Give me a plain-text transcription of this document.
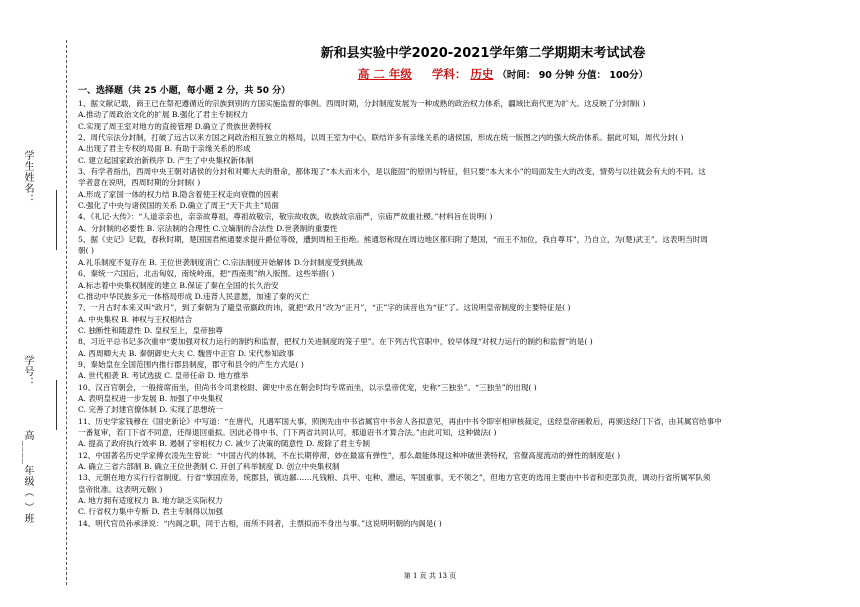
学生姓名：
学号：
高____年级（ ）班
新和县实验中学2020-2021学年第二学期期末考试试卷
高 二 年级 学科： 历史 （时间： 90 分钟 分值： 100分）
一、选择题（共 25 小题，每小题 2 分，共 50 分）
1、据文献记载，商王已在祭祀遵循近的宗族到别的方国实施监督的事例。西周时期，分封制度发展为一种成熟的政治权力体系，疆域比商代更为扩大。这反映了分封制( )
A.推动了周政治文化的扩展 B.强化了君主专制权力
C.实现了周王室对地方的直接管理 D.确立了贵族世袭特权
2、周代宗法分封制，打破了远古以来方国之间政治相互独立的格局，以周王室为中心，联结许多有亲缘关系的诸侯国，形成在统一版图之内的强大统治体系。据此可知，周代分封( )
A.出现了君主专权的局面 B. 有助于亲缘关系的形成
C. 建立起国家政治新秩序 D. 产生了中央集权新体制
3、有学者指出，西周中央王朝对诸侯的分封和对卿大夫的册命，都体现了“本大而末小，是以能固”的原则与特征，但只要“本大末小”的局面发生大的改变，情势与以往就会有大的不同。这
学者意在说明，西周时期的分封制( )
A.形成了家国一体的权力结 B.隐含着使王权走向衰微的因素
C.强化了中央与诸侯国的关系 D.确立了周王“天下共主”局面
4、《礼记·大传》：“人道亲亲也，亲亲故尊祖，尊祖故敬宗，敬宗故收族，收族故宗庙严，宗庙严故重社稷。”材料旨在说明( )
A、分封制的必要性 B. 宗法制的合理性 C.立嫡制的合法性 D.世袭制的重要性
5、据《史记》记载，春秋时期，楚国国君熊通要求提升爵位等级，遭到周桓王拒绝。熊通怒称现在周边地区都归附了楚国，“而王不加位，我自尊耳”，乃自立，为(楚)武王”。这表明当时周
朝( )
A.礼乐制度不复存在 B. 王位世袭制度消亡 C.宗法制度开始解体 D.分封制度受到挑战
6、秦统一六国后，北击匈奴，南统岭南，把“西南夷”纳入版图。这些举措( )
A.标志着中央集权制度的建立 B.保证了秦在全国的长久治安
C.推动中华民族多元一体格局形成 D.违背人民意愿，加速了秦的灭亡
7、一月古时本来又叫“政月”，到了秦朝为了避皇帝嬴政的讳，就把“政月”改为“正月”，“正”字的读音也为“征”了。这说明皇帝制度的主要特征是( )
A. 中央集权 B. 神权与王权相结合
C. 独断性和随意性 D. 皇权至上，皇帝独尊
8、习近平总书记多次重申“要加强对权力运行的制约和监督，把权力关进制度的笼子里”。在下列古代官职中，较早体现“对权力运行的制约和监督”的是( )
A. 西周卿大夫 B. 秦朝御史大夫 C. 魏晋中正官 D. 宋代参知政事
9、秦始皇在全国范围内推行郡县制度，郡守和县令的产生方式是( )
A. 世代相袭 B. 考试选拔 C. 皇帝任命 D. 地方推举
10、汉百官朝会，一般接席而坐，但尚书令司隶校尉、御史中丞在朝会时均专席而坐，以示皇帝优宠，史称“三独坐”。“三独坐”的出现( )
A. 表明皇权进一步发展 B. 加强了中央集权
C. 完善了封建官僚体制 D. 实现了思想统一
11、历史学家钱穆在《国史新论》中写道：“在唐代，凡遇军国大事，照例先由中书省属官中书舍人各拟意见，再由中书令即宰相审核裁定，送经皇帝画敕后，再颁送经门下省，由其属官给事中
一番复审，若门下省不同意，还得退回重拟。因此必得中书、门下两省共同认可，那道诏书才算合法。”由此可知，这种做法( )
A. 提高了政府执行效率 B. 遏制了宰相权力 C. 减少了决策的随意性 D. 废除了君主专制
12、中国著名历史学家傅衣凌先生曾说：“中国古代的体制，不在长期停滞，妙在最富有弹性”，那么最能体现这种冲破世袭特权，官僚高度流动的弹性的制度是( )
A. 确立三省六部制 B. 确立王位世袭制 C. 开创了科举制度 D. 创立中央集权制
13、元朝在地方实行行省制度。行省“掌国庶务，统郡县，镇边鄙……凡钱粮、兵甲、屯种、漕运、军国重事，无不领之”，但地方官吏的选用主要由中书省和吏部负责，调动行省所属军队须
皇帝批准。这表明元朝( )
A. 地方拥有适度权力 B. 地方缺乏实际权力
C. 行省权力集中专断 D. 君主专制得以加强
14、明代官员孙承泽说：“内阁之职，同于古相，而所不同者，主票拟而不身出与事。”这说明明朝的内阁是( )
第 1 页 共 13 页
